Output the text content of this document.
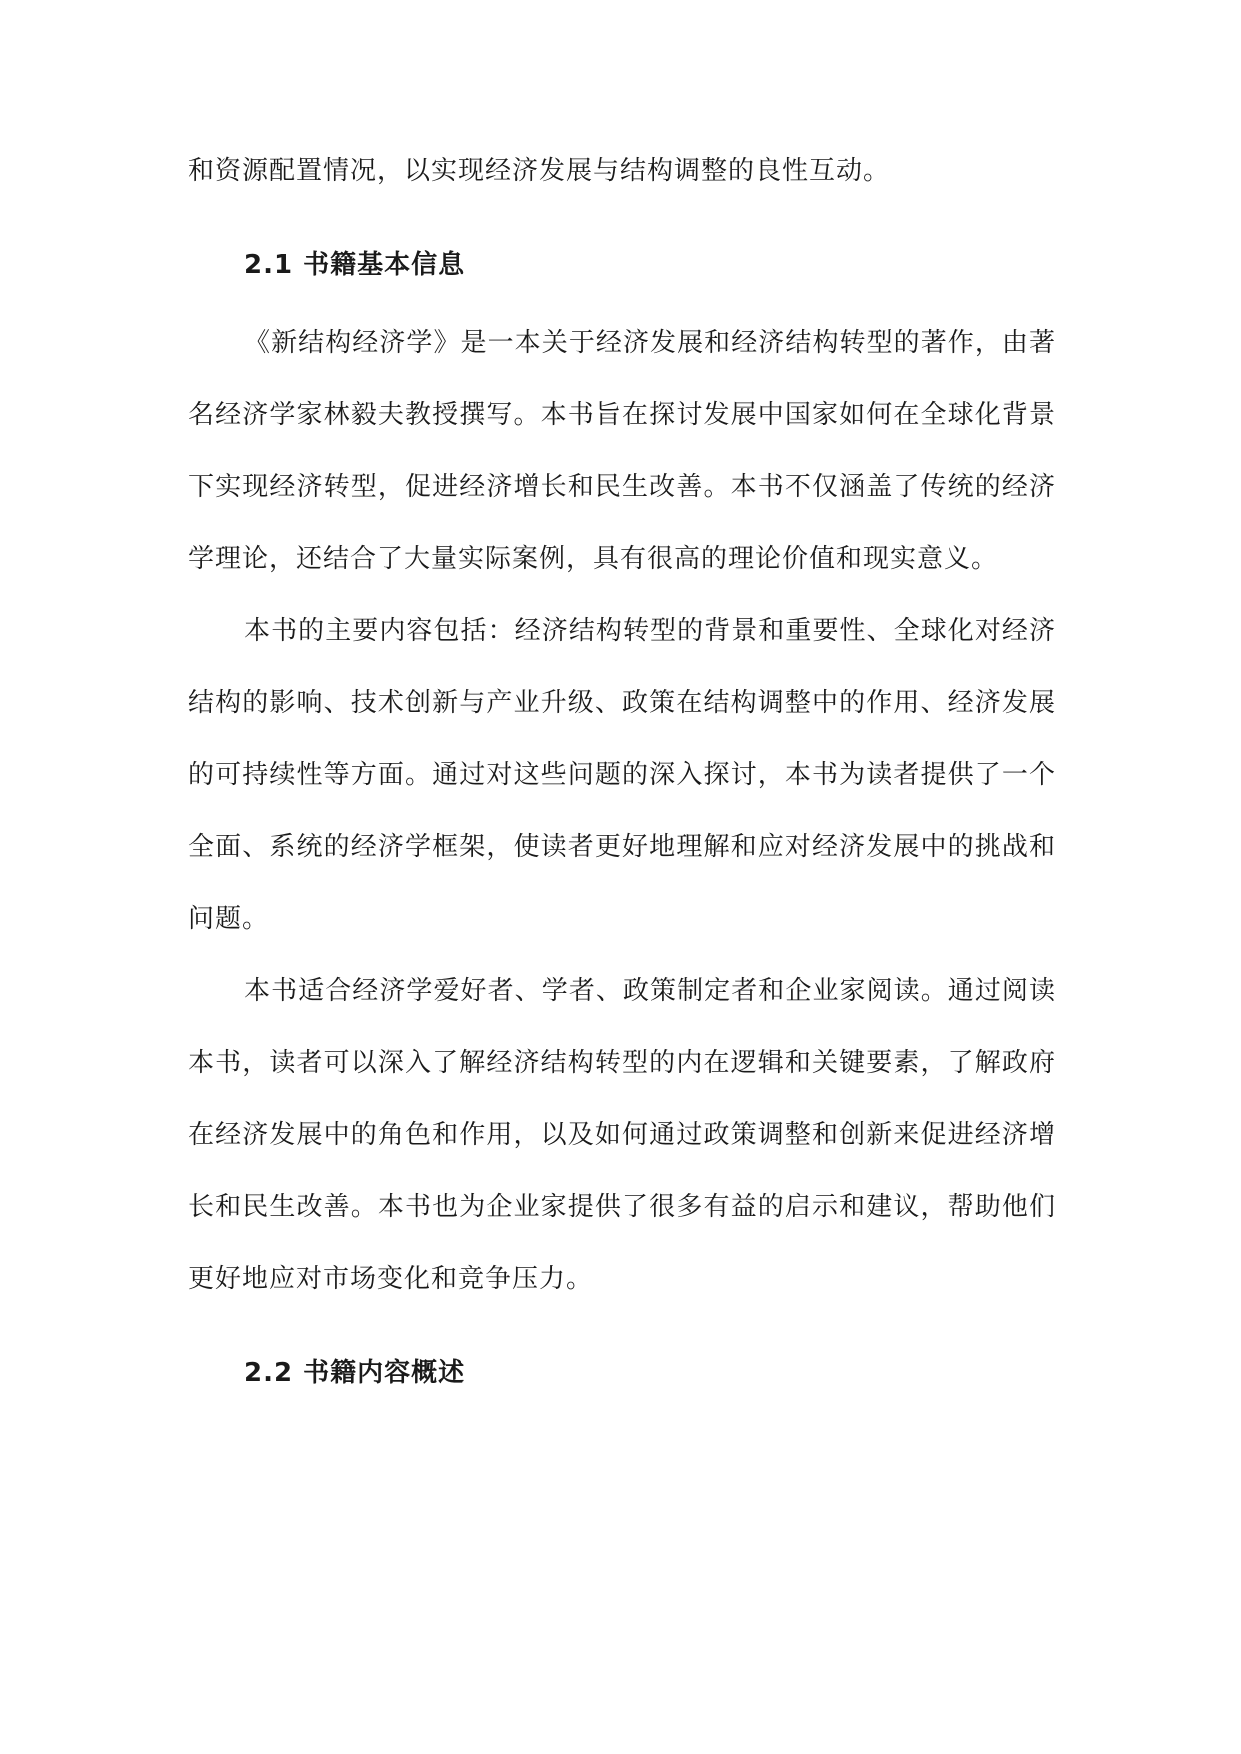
和资源配置情况，以实现经济发展与结构调整的良性互动。

2.1 书籍基本信息

《新结构经济学》是一本关于经济发展和经济结构转型的著作，由著名经济学家林毅夫教授撰写。本书旨在探讨发展中国家如何在全球化背景下实现经济转型，促进经济增长和民生改善。本书不仅涵盖了传统的经济学理论，还结合了大量实际案例，具有很高的理论价值和现实意义。

本书的主要内容包括：经济结构转型的背景和重要性、全球化对经济结构的影响、技术创新与产业升级、政策在结构调整中的作用、经济发展的可持续性等方面。通过对这些问题的深入探讨，本书为读者提供了一个全面、系统的经济学框架，使读者更好地理解和应对经济发展中的挑战和问题。

本书适合经济学爱好者、学者、政策制定者和企业家阅读。通过阅读本书，读者可以深入了解经济结构转型的内在逻辑和关键要素，了解政府在经济发展中的角色和作用，以及如何通过政策调整和创新来促进经济增长和民生改善。本书也为企业家提供了很多有益的启示和建议，帮助他们更好地应对市场变化和竞争压力。

2.2 书籍内容概述
